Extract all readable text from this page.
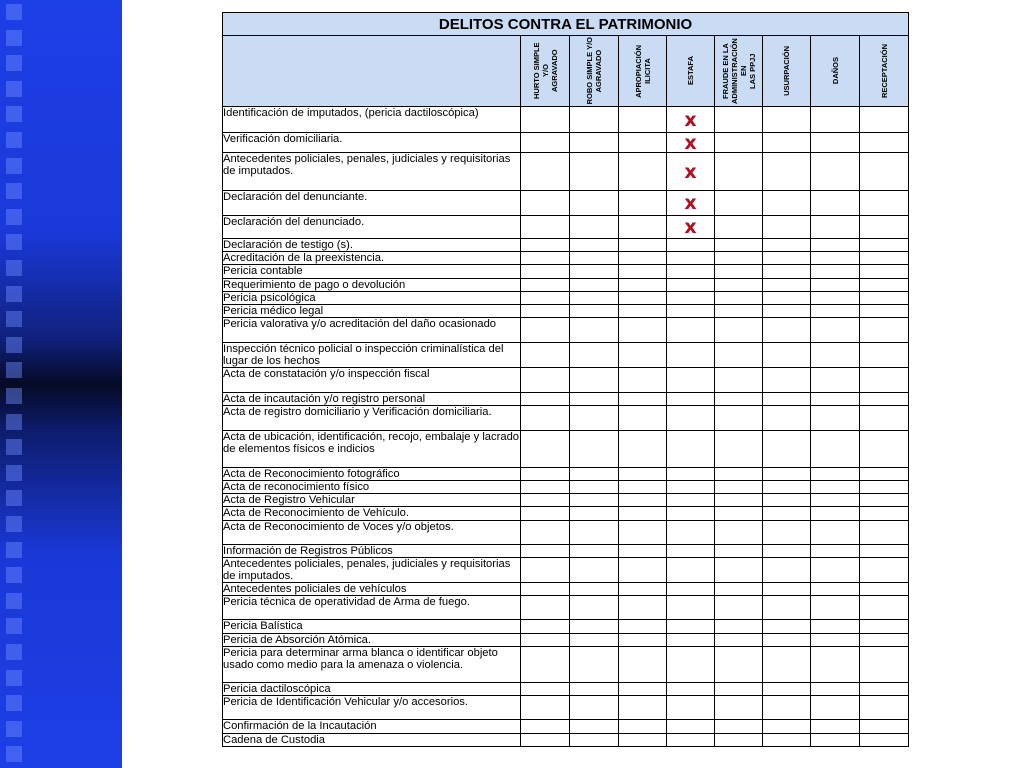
DELITOS CONTRA EL PATRIMONIO								

	HURTO SIMPLE Y/O
AGRAVADO	ROBO SIMPLE Y/O
AGRAVADO	APROPIACIÓN
ILICITA	ESTAFA	FRAUDE EN LA
ADMINISTRACIÓN EN
LAS PPJJ	USURPACIÓN	DAÑOS	RECEPTACIÓN

Identificación de imputados, (pericia dactiloscópica)				x				
Verificación domiciliaria.				x				
Antecedentes policiales, penales, judiciales y requisitorias de imputados.				x				
Declaración del denunciante.				x				
Declaración del denunciado.				x				
Declaración de testigo (s).								
Acreditación de la preexistencia.								
Pericia contable								
Requerimiento de pago o devolución								
Pericia psicológica								
Pericia médico legal								
Pericia valorativa y/o acreditación del daño ocasionado								
Inspección técnico policial o inspección criminalística del lugar de los hechos								
Acta de constatación y/o inspección fiscal								
Acta de incautación y/o registro personal								
Acta de registro domiciliario y Verificación domiciliaria.								
Acta de ubicación, identificación, recojo, embalaje y lacrado de elementos físicos e indicios								
Acta de Reconocimiento fotográfico								
Acta de reconocimiento físico								
Acta de Registro Vehicular								
Acta de Reconocimiento de Vehículo.								
Acta de Reconocimiento de Voces y/o objetos.								
Información de Registros Públicos								
Antecedentes policiales, penales, judiciales y requisitorias de imputados.								
Antecedentes policiales de vehículos								
Pericia técnica de operatividad de Arma de fuego.								
Pericia Balística								
Pericia de Absorción Atómica.								
Pericia para determinar arma blanca o identificar objeto usado como medio para la amenaza o violencia.								
Pericia dactiloscópica								
Pericia de Identificación Vehicular y/o accesorios.								
Confirmación de la Incautación								
Cadena de Custodia								
